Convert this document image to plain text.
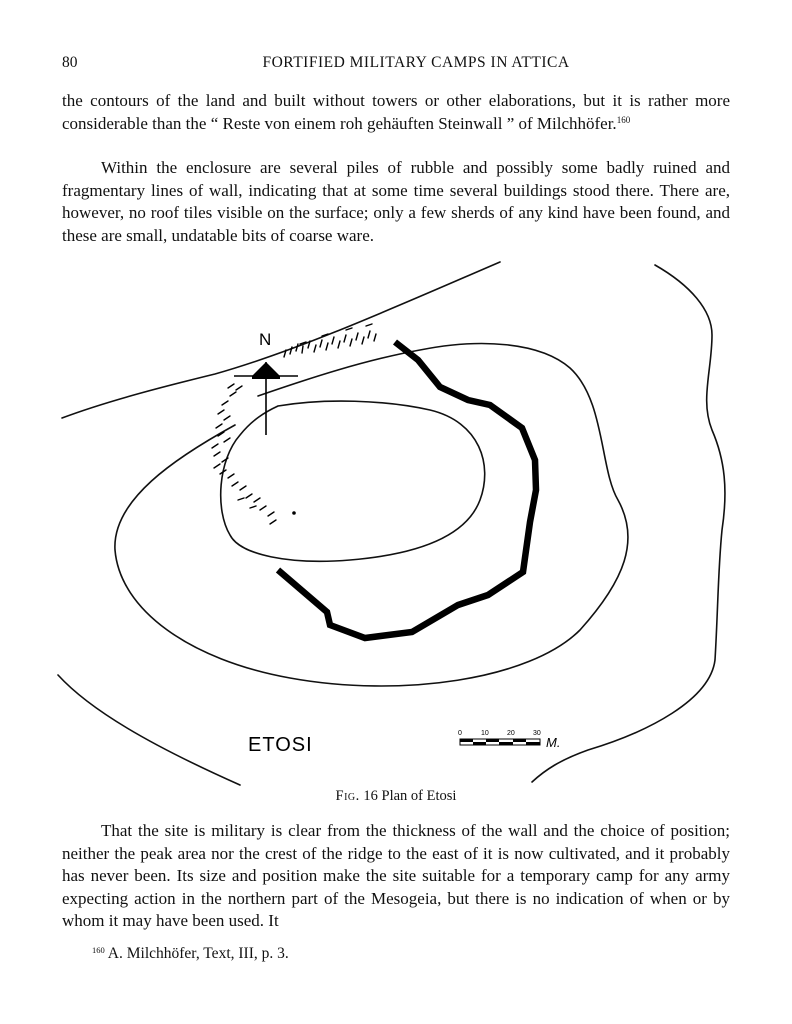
80	FORTIFIED MILITARY CAMPS IN ATTICA

the contours of the land and built without towers or other elaborations, but it is rather more considerable than the “ Reste von einem roh gehäuften Steinwall ” of Milchhöfer.$^{160}$

Within the enclosure are several piles of rubble and possibly some badly ruined and fragmentary lines of wall, indicating that at some time several buildings stood there. There are, however, no roof tiles visible on the surface; only a few sherds of any kind have been found, and these are small, undatable bits of coarse ware.

N
ETOSI
0	10	20	30
M.
Fig. 16 Plan of Etosi

That the site is military is clear from the thickness of the wall and the choice of position; neither the peak area nor the crest of the ridge to the east of it is now cultivated, and it probably has never been. Its size and position make the site suitable for a temporary camp for any army expecting action in the northern part of the Mesogeia, but there is no indication of when or by whom it may have been used. It

$^{160}$ A. Milchhöfer, Text, III, p. 3.
